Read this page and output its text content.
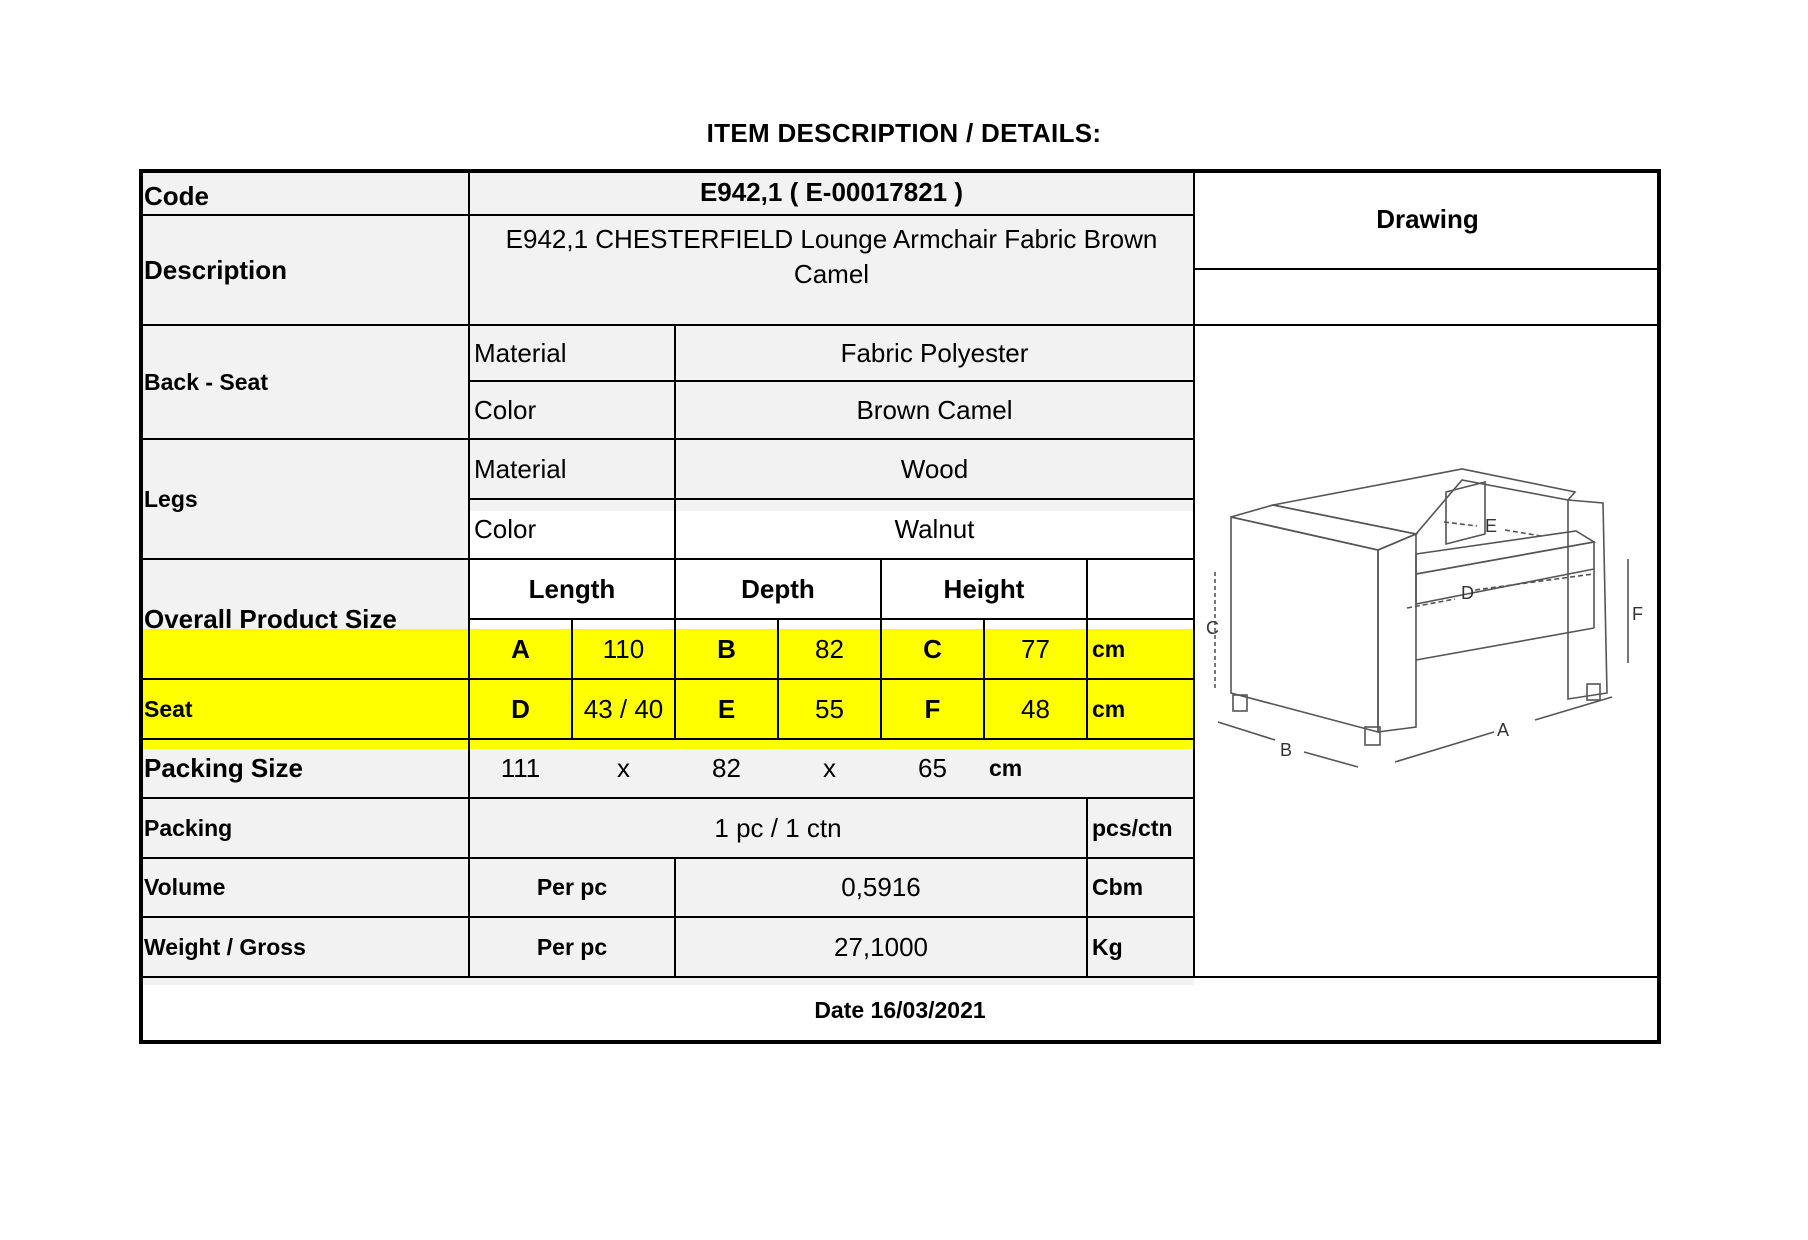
ITEM DESCRIPTION / DETAILS:
Code	E942,1 ( E-00017821 )
Drawing
Description
E942,1 CHESTERFIELD Lounge Armchair Fabric Brown Camel
Back - Seat
Material	Fabric Polyester
Color	Brown Camel
Legs
Material	Wood
Color	Walnut
Overall Product Size
Length	Depth	Height
A	110	B	82	C	77	cm
Seat	D	43 / 40	E	55	F	48	cm
Packing Size	111	x	82	x	65	cm
Packing	1 pc / 1 ctn	pcs/ctn
Volume	Per pc	0,5916	Cbm
Weight / Gross	Per pc	27,1000	Kg
Date 16/03/2021
B
A
C
F
E
D
